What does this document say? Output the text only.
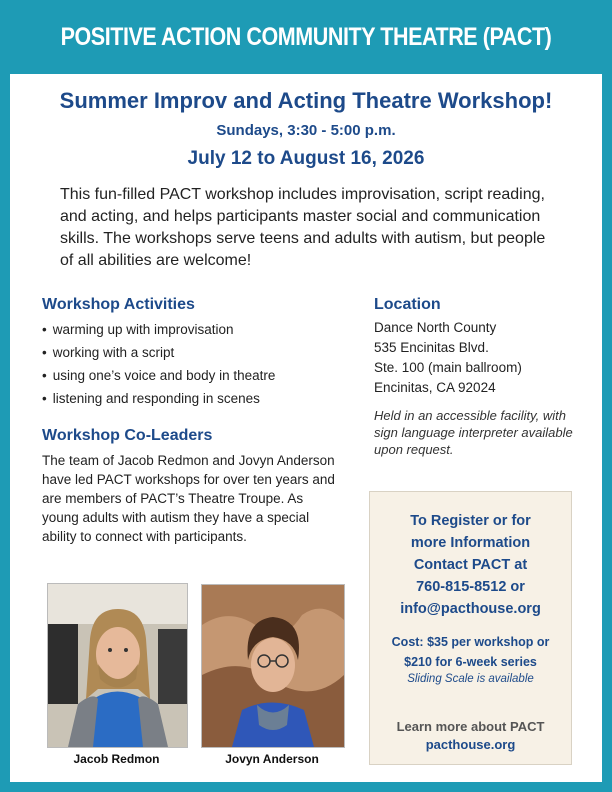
POSITIVE ACTION COMMUNITY THEATRE (PACT)
Summer Improv and Acting Theatre Workshop!
Sundays, 3:30 - 5:00 p.m.
July 12 to August 16, 2026
This fun-filled PACT workshop includes improvisation, script reading, and acting, and helps participants master social and communication skills. The workshops serve teens and adults with autism, but people of all abilities are welcome!
Workshop Activities
• warming up with improvisation
• working with a script
• using one’s voice and body in theatre
• listening and responding in scenes
Workshop Co-Leaders
The team of Jacob Redmon and Jovyn Anderson have led PACT workshops for over ten years and are members of PACT’s Theatre Troupe. As young adults with autism they have a special ability to connect with participants.
Location
Dance North County
535 Encinitas Blvd.
Ste. 100 (main ballroom)
Encinitas, CA 92024
Held in an accessible facility, with sign language interpreter available upon request.
To Register or for
more Information
Contact PACT at
760-815-8512 or
info@pacthouse.org
Cost: $35 per workshop or
$210 for 6-week series
Sliding Scale is available
Learn more about PACT
pacthouse.org
Jacob Redmon	Jovyn Anderson
